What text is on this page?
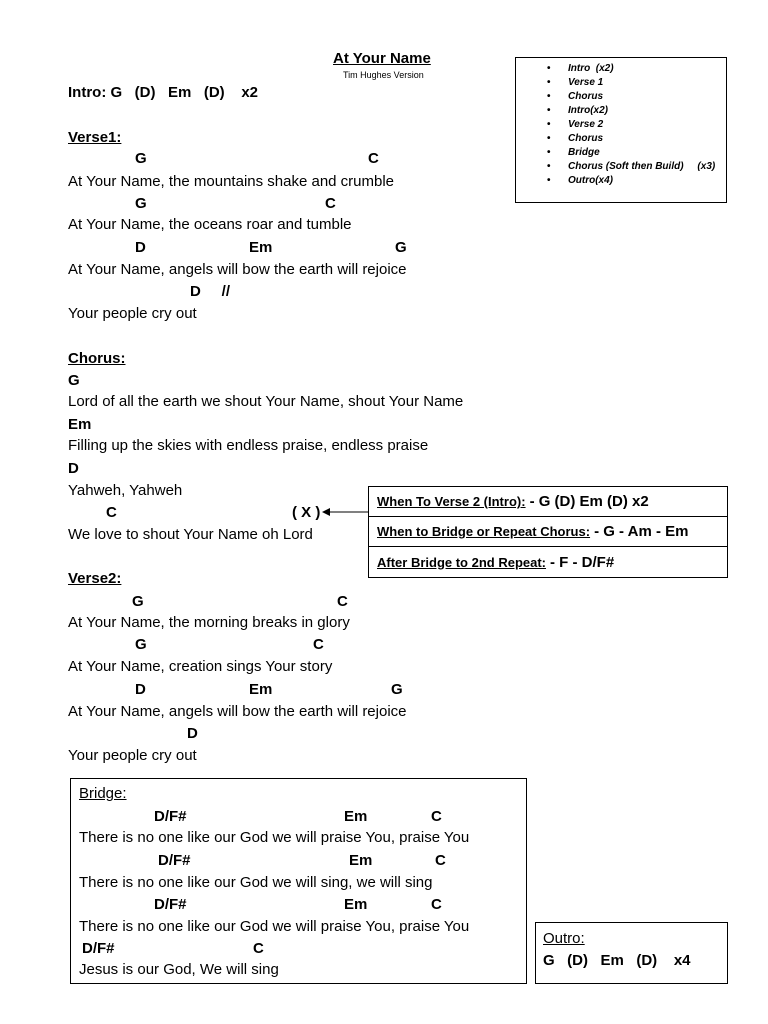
At Your Name
Tim Hughes Version
Intro: G   (D)   Em   (D)    x2
• Intro  (x2)
• Verse 1
• Chorus
• Intro(x2)
• Verse 2
• Chorus
• Bridge
• Chorus (Soft then Build)     (x3)
• Outro(x4)
Verse1:
G	C
At Your Name, the mountains shake and crumble
G	C
At Your Name, the oceans roar and tumble
D	Em	G
At Your Name, angels will bow the earth will rejoice
D     //
Your people cry out
Chorus:
G
Lord of all the earth we shout Your Name, shout Your Name
Em
Filling up the skies with endless praise, endless praise
D
Yahweh, Yahweh
C	( X )
We love to shout Your Name oh Lord
When To Verse 2 (Intro): - G (D) Em (D) x2
When to Bridge or Repeat Chorus: - G - Am - Em
After Bridge to 2nd Repeat: - F - D/F#
Verse2:
G	C
At Your Name, the morning breaks in glory
G	C
At Your Name, creation sings Your story
D	Em	G
At Your Name, angels will bow the earth will rejoice
D
Your people cry out
Bridge:
D/F#	Em	C
There is no one like our God we will praise You, praise You
D/F#	Em	C
There is no one like our God we will sing, we will sing
D/F#	Em	C
There is no one like our God we will praise You, praise You
D/F#	C
Jesus is our God, We will sing
Outro:
G   (D)   Em   (D)    x4
